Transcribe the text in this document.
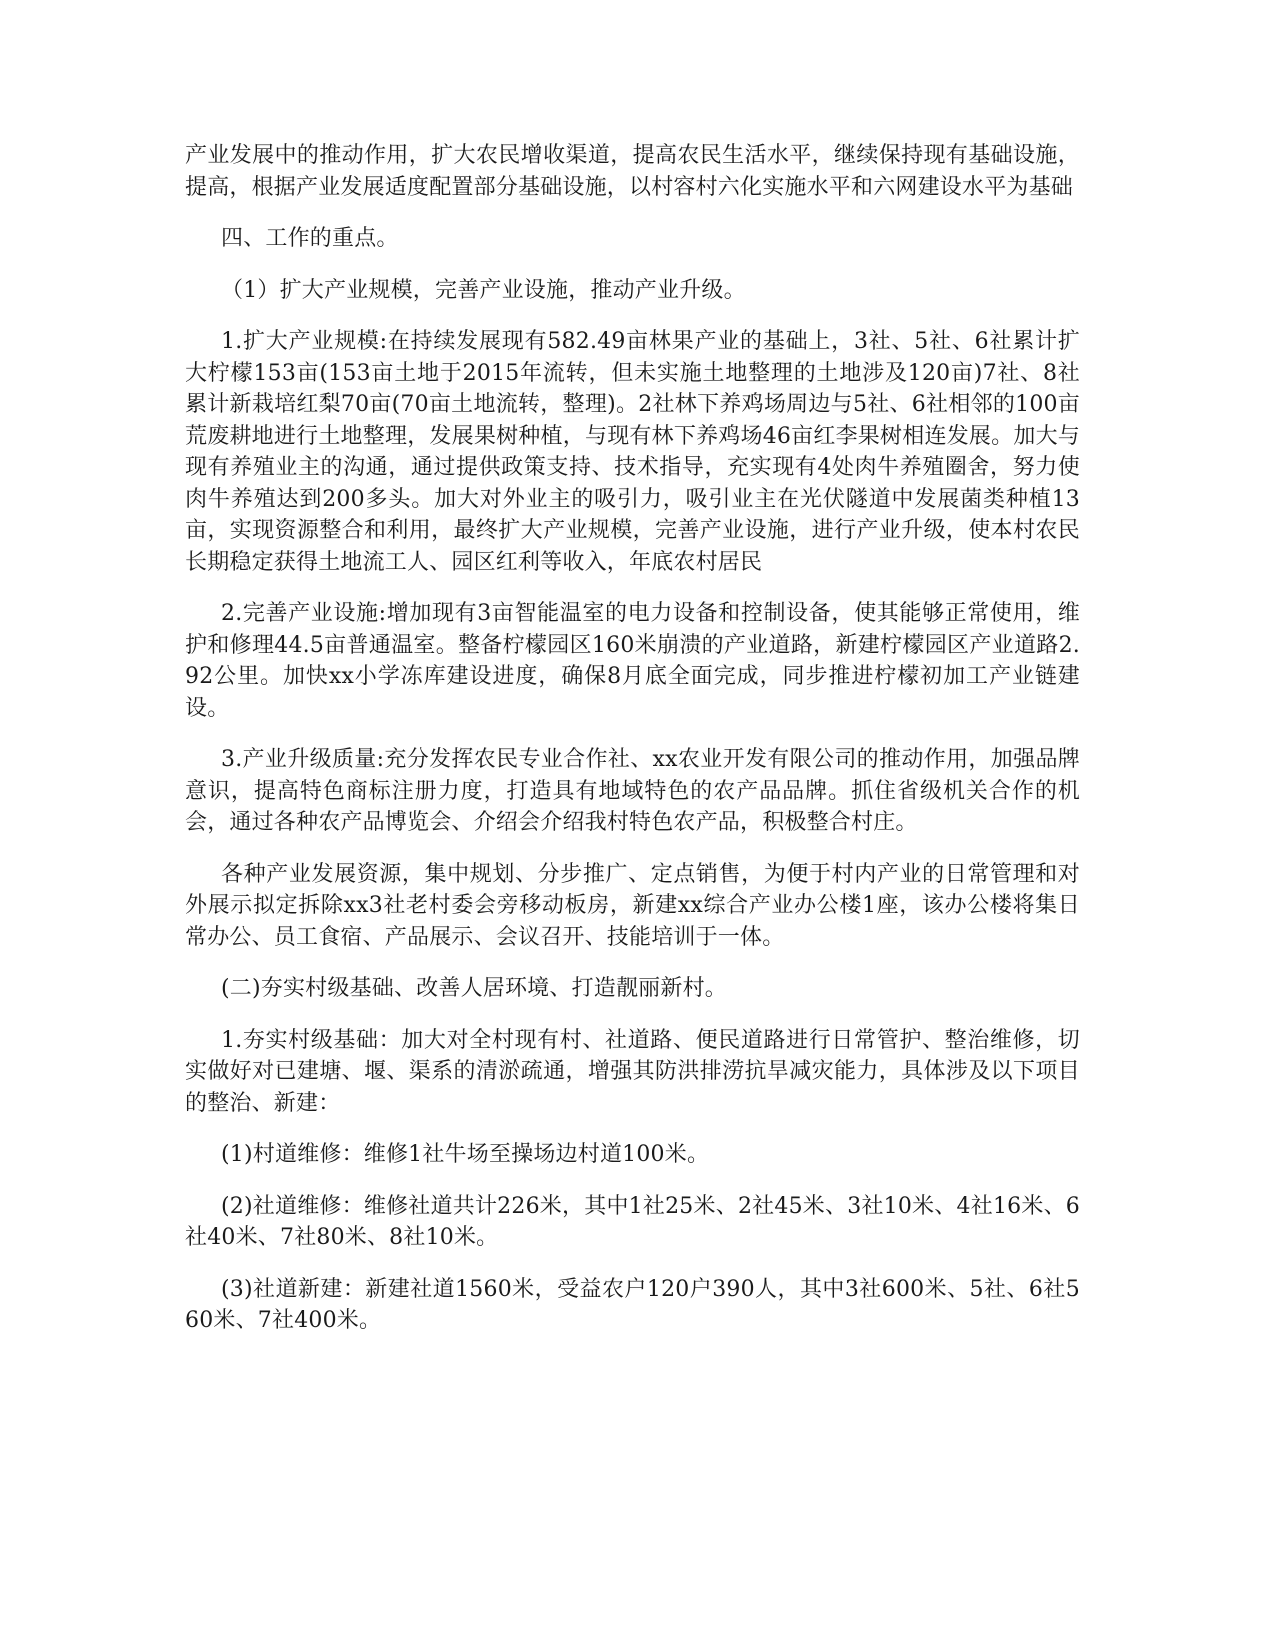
产业发展中的推动作用，扩大农民增收渠道，提高农民生活水平，继续保持现有基础设施，提高，根据产业发展适度配置部分基础设施，以村容村六化实施水平和六网建设水平为基础

四、工作的重点。

（1）扩大产业规模，完善产业设施，推动产业升级。

1.扩大产业规模:在持续发展现有582.49亩林果产业的基础上，3社、5社、6社累计扩大柠檬153亩(153亩土地于2015年流转，但未实施土地整理的土地涉及120亩)7社、8社累计新栽培红梨70亩(70亩土地流转，整理)。2社林下养鸡场周边与5社、6社相邻的100亩荒废耕地进行土地整理，发展果树种植，与现有林下养鸡场46亩红李果树相连发展。加大与现有养殖业主的沟通，通过提供政策支持、技术指导，充实现有4处肉牛养殖圈舍，努力使肉牛养殖达到200多头。加大对外业主的吸引力，吸引业主在光伏隧道中发展菌类种植13亩，实现资源整合和利用，最终扩大产业规模，完善产业设施，进行产业升级，使本村农民长期稳定获得土地流工人、园区红利等收入，年底农村居民

2.完善产业设施:增加现有3亩智能温室的电力设备和控制设备，使其能够正常使用，维护和修理44.5亩普通温室。整备柠檬园区160米崩溃的产业道路，新建柠檬园区产业道路2.92公里。加快xx小学冻库建设进度，确保8月底全面完成，同步推进柠檬初加工产业链建设。

3.产业升级质量:充分发挥农民专业合作社、xx农业开发有限公司的推动作用，加强品牌意识，提高特色商标注册力度，打造具有地域特色的农产品品牌。抓住省级机关合作的机会，通过各种农产品博览会、介绍会介绍我村特色农产品，积极整合村庄。

各种产业发展资源，集中规划、分步推广、定点销售，为便于村内产业的日常管理和对外展示拟定拆除xx3社老村委会旁移动板房，新建xx综合产业办公楼1座，该办公楼将集日常办公、员工食宿、产品展示、会议召开、技能培训于一体。

(二)夯实村级基础、改善人居环境、打造靓丽新村。

1.夯实村级基础：加大对全村现有村、社道路、便民道路进行日常管护、整治维修，切实做好对已建塘、堰、渠系的清淤疏通，增强其防洪排涝抗旱减灾能力，具体涉及以下项目的整治、新建：

(1)村道维修：维修1社牛场至操场边村道100米。

(2)社道维修：维修社道共计226米，其中1社25米、2社45米、3社10米、4社16米、6社40米、7社80米、8社10米。

(3)社道新建：新建社道1560米，受益农户120户390人，其中3社600米、5社、6社560米、7社400米。
